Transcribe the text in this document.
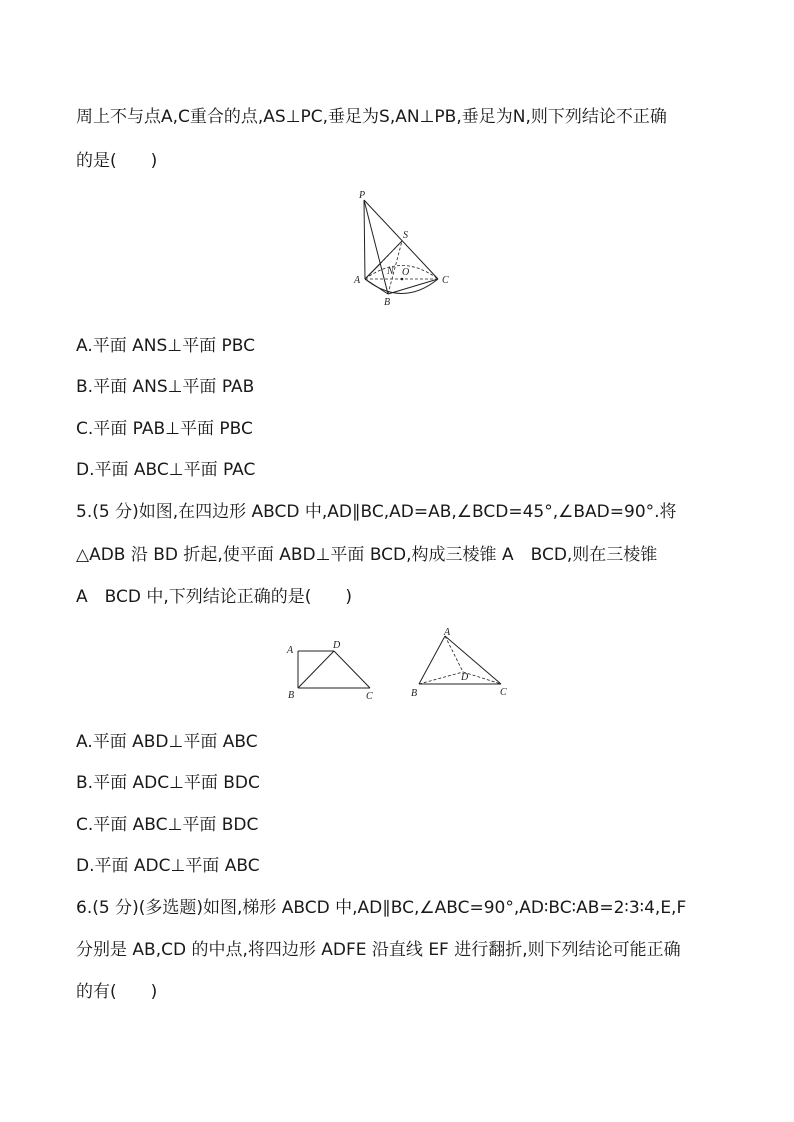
周上不与点A,C重合的点,AS⊥PC,垂足为S,AN⊥PB,垂足为N,则下列结论不正确
的是(　　)
P
S
N O
A
B
C
A.平面 ANS⊥平面 PBC
B.平面 ANS⊥平面 PAB
C.平面 PAB⊥平面 PBC
D.平面 ABC⊥平面 PAC
5.(5 分)如图,在四边形 ABCD 中,AD∥BC,AD=AB,∠BCD=45°,∠BAD=90°.将
△ADB 沿 BD 折起,使平面 ABD⊥平面 BCD,构成三棱锥 A　BCD,则在三棱锥
A　BCD 中,下列结论正确的是(　　)
A	D
B	C
A
D
B	C
A.平面 ABD⊥平面 ABC
B.平面 ADC⊥平面 BDC
C.平面 ABC⊥平面 BDC
D.平面 ADC⊥平面 ABC
6.(5 分)(多选题)如图,梯形 ABCD 中,AD∥BC,∠ABC=90°,AD∶BC∶AB=2∶3∶4,E,F
分别是 AB,CD 的中点,将四边形 ADFE 沿直线 EF 进行翻折,则下列结论可能正确
的有(　　)
